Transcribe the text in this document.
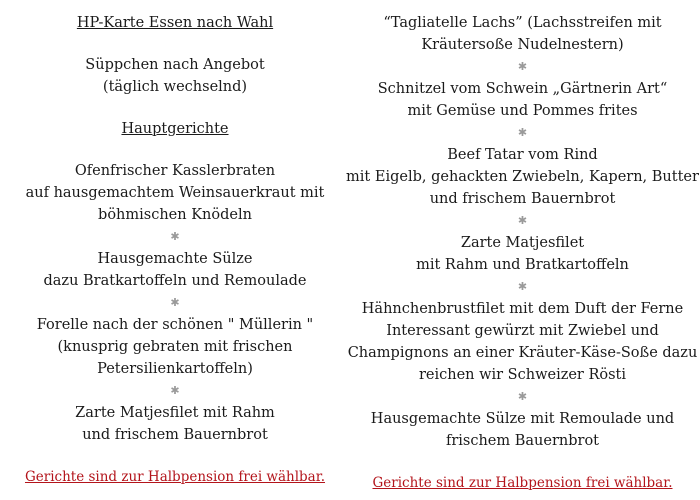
HP-Karte Essen nach Wahl
Süppchen nach Angebot
(täglich wechselnd)
Hauptgerichte
Ofenfrischer Kasslerbraten
auf hausgemachtem Weinsauerkraut mit
böhmischen Knödeln
✱
Hausgemachte Sülze
dazu Bratkartoffeln und Remoulade
✱
Forelle nach der schönen " Müllerin "
(knusprig gebraten mit frischen
Petersilienkartoffeln)
✱
Zarte Matjesfilet mit Rahm
und frischem Bauernbrot
Gerichte sind zur Halbpension frei wählbar.
“Tagliatelle Lachs” (Lachsstreifen mit
Kräutersoße Nudelnestern)
✱
Schnitzel vom Schwein „Gärtnerin Art“
mit Gemüse und Pommes frites
✱
Beef Tatar vom Rind
mit Eigelb, gehackten Zwiebeln, Kapern, Butter
und frischem Bauernbrot
✱
Zarte Matjesfilet
mit Rahm und Bratkartoffeln
✱
Hähnchenbrustfilet mit dem Duft der Ferne
Interessant gewürzt mit Zwiebel und
Champignons an einer Kräuter-Käse-Soße dazu
reichen wir Schweizer Rösti
✱
Hausgemachte Sülze mit Remoulade und
frischem Bauernbrot
Gerichte sind zur Halbpension frei wählbar.
